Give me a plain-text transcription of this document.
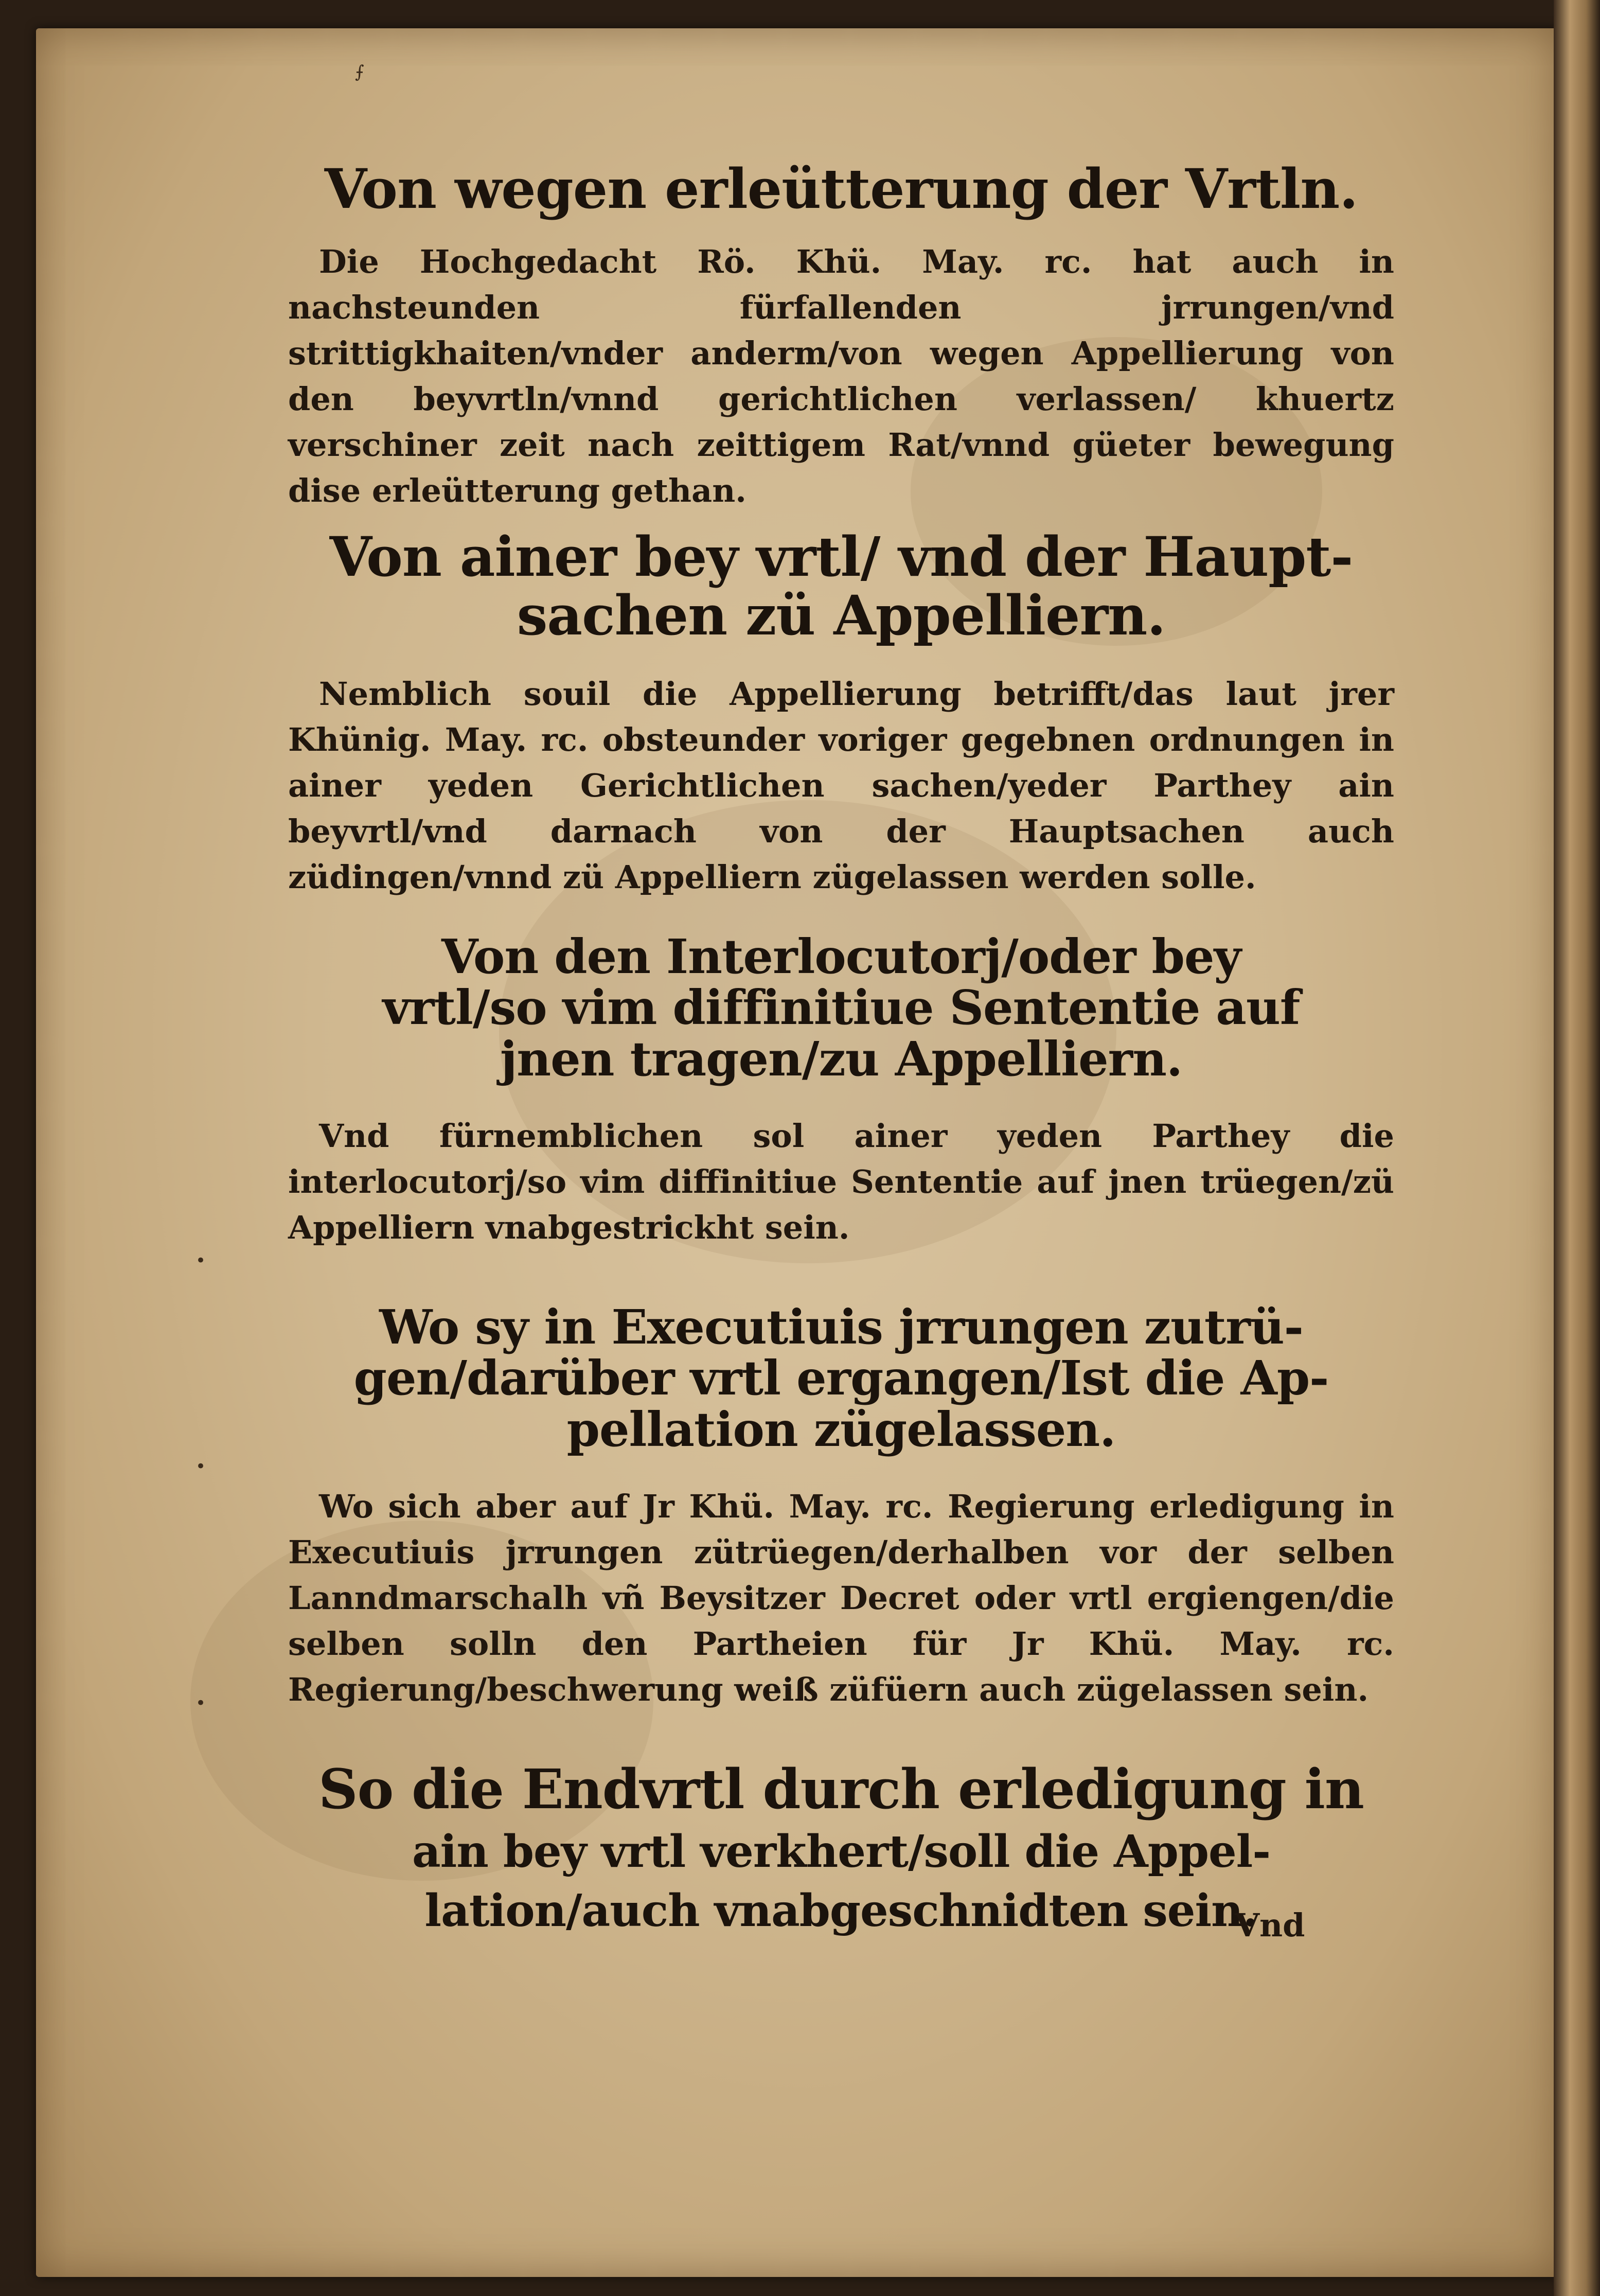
⨍
•
•
•

Von wegen erleütterung der Vrtln.

Die Hochgedacht Rö. Khü. May. rc. hat auch in nachsteunden fürfallenden jrrungen/vnd strittigkhaiten/vnder anderm/von wegen Appellierung von den beyvrtln/vnnd gerichtlichen verlassen/ khuertz verschiner zeit nach zeittigem Rat/vnnd güeter bewegung dise erleütterung gethan.

Von ainer bey vrtl/ vnd der Haupt-
sachen zü Appelliern.

Nemblich souil die Appellierung betrifft/das laut jrer Khünig. May. rc. obsteunder voriger gegebnen ordnungen in ainer yeden Gerichtlichen sachen/yeder Parthey ain beyvrtl/vnd darnach von der Hauptsachen auch züdingen/vnnd zü Appelliern zügelassen werden solle.

Von den Interlocutorj/oder bey
vrtl/so vim diffinitiue Sententie auf
jnen tragen/zu Appelliern.

Vnd fürnemblichen sol ainer yeden Parthey die interlocutorj/so vim diffinitiue Sententie auf jnen trüegen/zü Appelliern vnabgestrickht sein.

Wo sy in Executiuis jrrungen zutrü-
gen/darüber vrtl ergangen/Ist die Ap-
pellation zügelassen.

Wo sich aber auf Jr Khü. May. rc. Regierung erledigung in Executiuis jrrungen zütrüegen/derhalben vor der selben Lanndmarschalh vñ Beysitzer Decret oder vrtl ergiengen/die selben solln den Partheien für Jr Khü. May. rc. Regierung/beschwerung weiß züfüern auch zügelassen sein.

So die Endvrtl durch erledigung in
ain bey vrtl verkhert/soll die Appel-
lation/auch vnabgeschnidten sein.

Vnd
